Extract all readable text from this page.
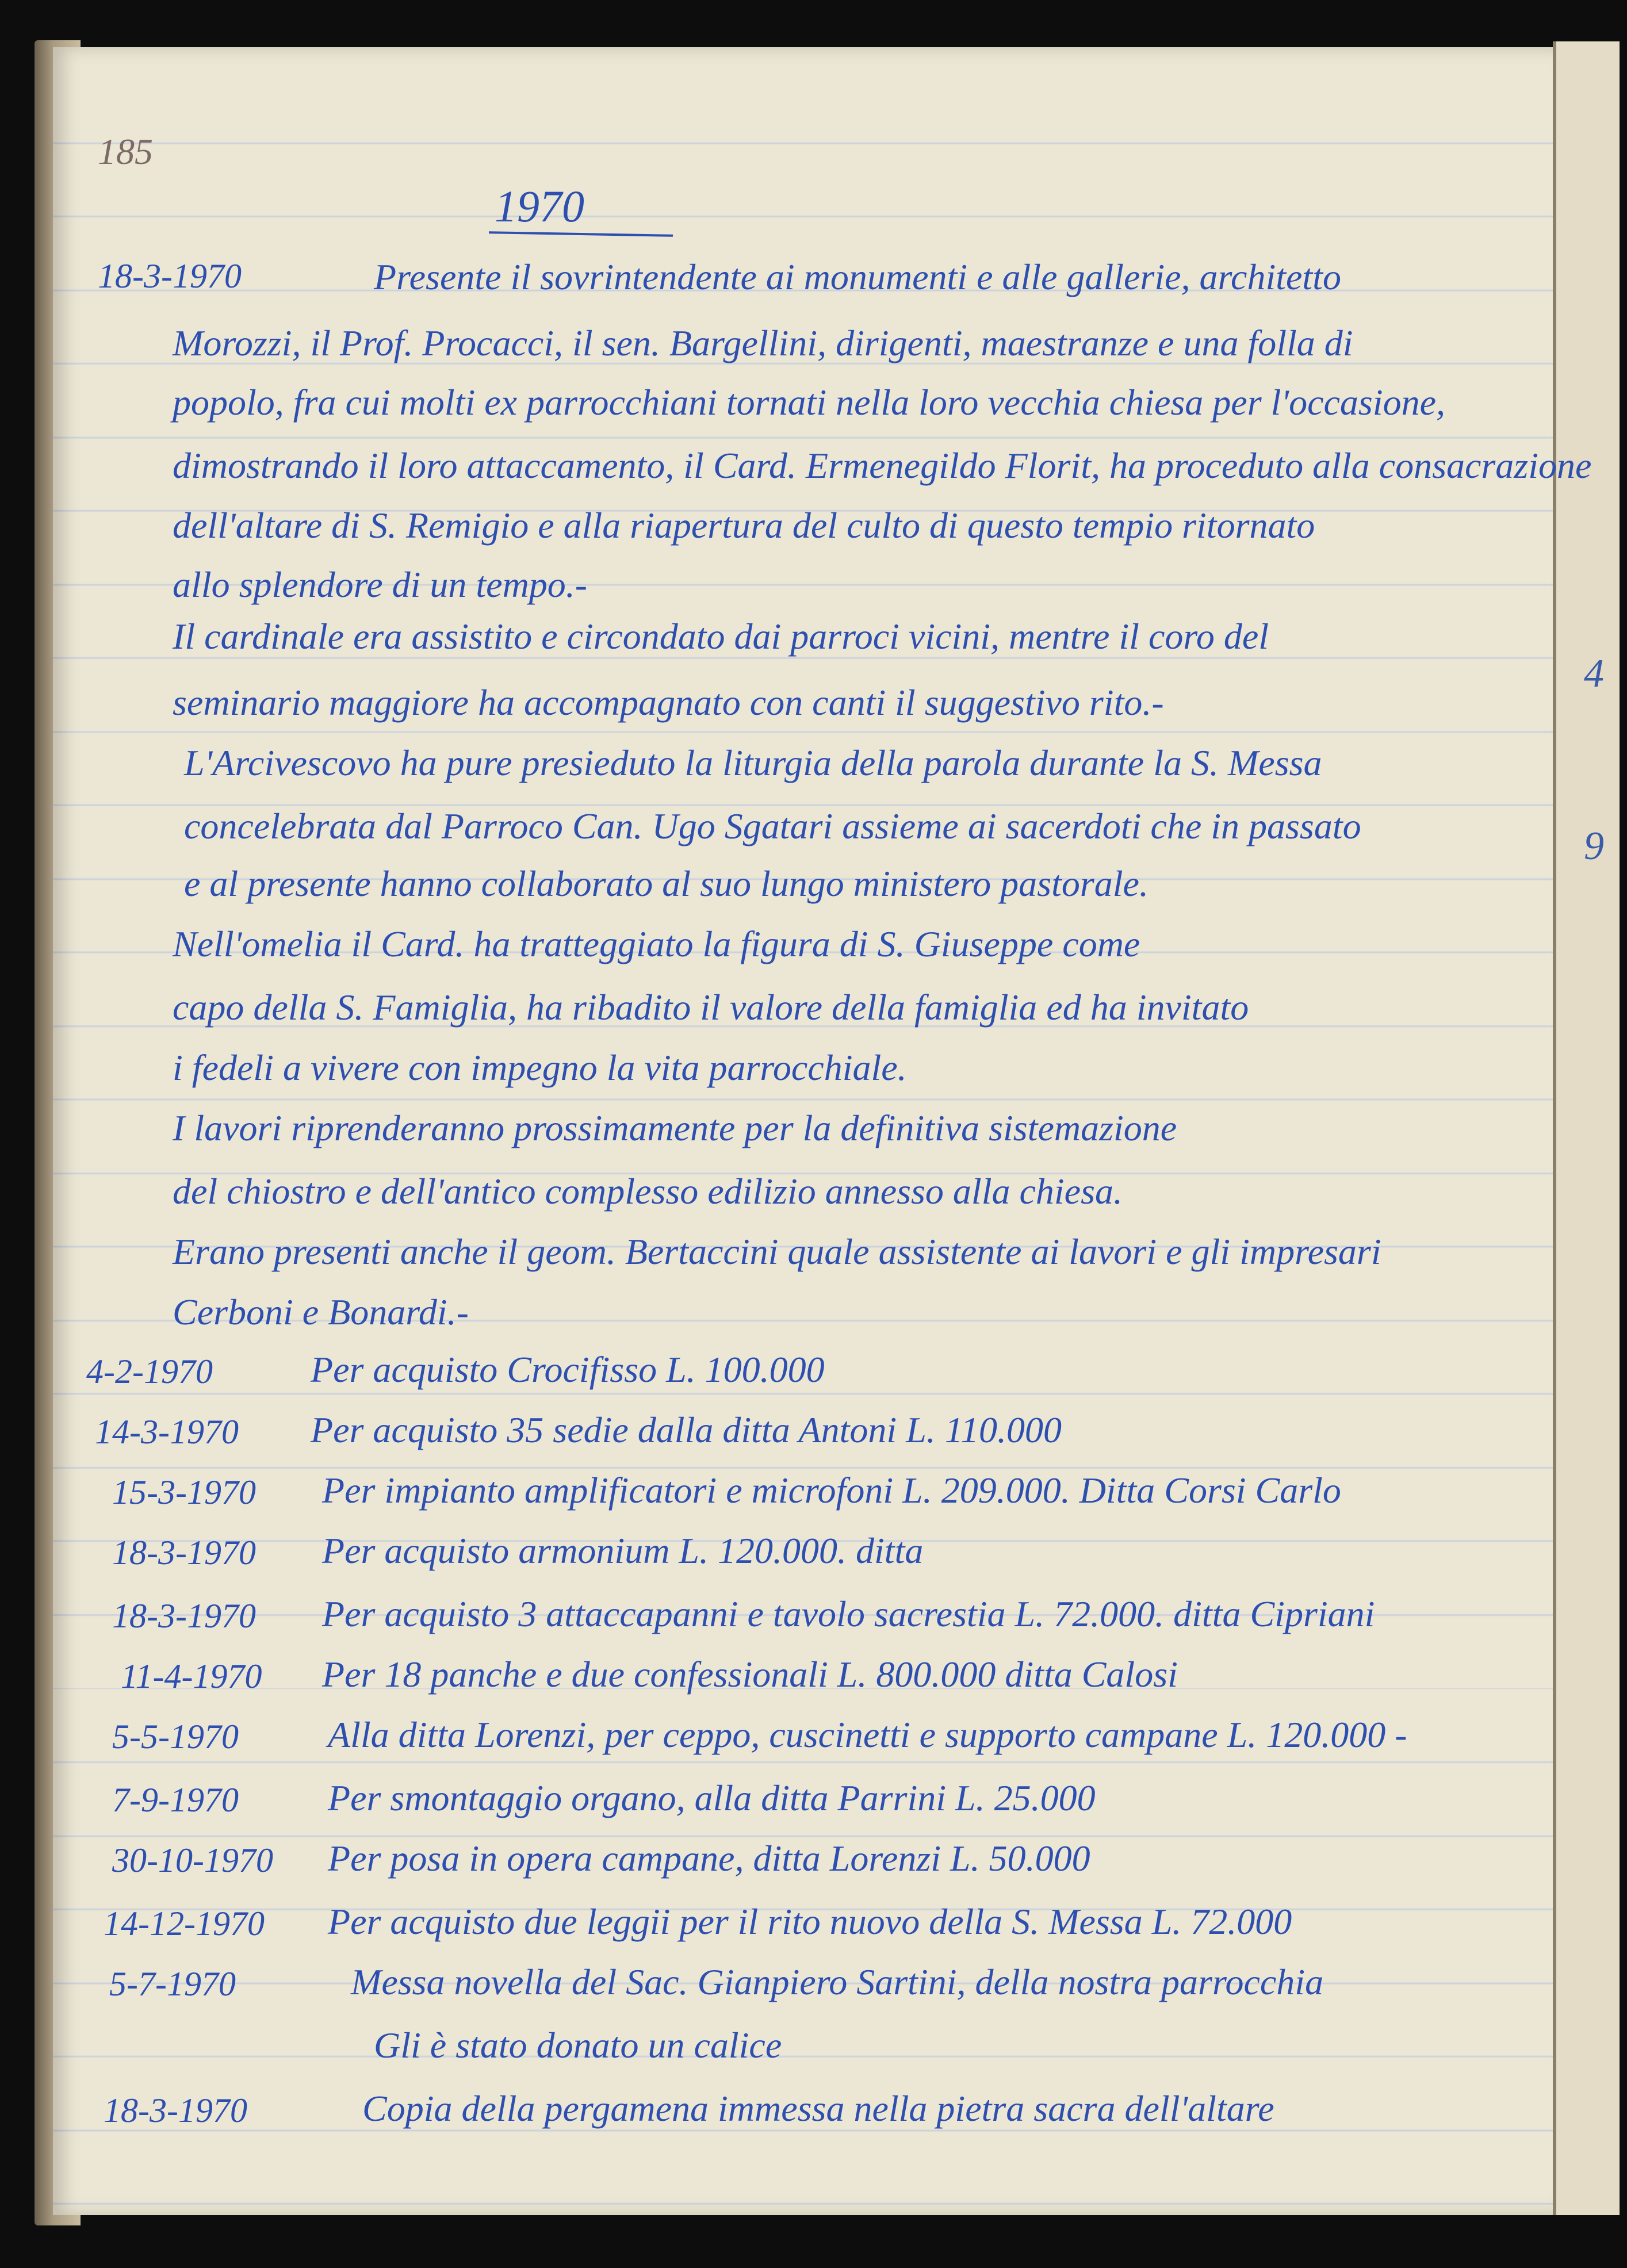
4
9
185
1970
18-3-1970	Presente il sovrintendente ai monumenti e alle gallerie, architetto
Morozzi, il Prof. Procacci, il sen. Bargellini, dirigenti, maestranze e una folla di
popolo, fra cui molti ex parrocchiani tornati nella loro vecchia chiesa per l'occasione,
dimostrando il loro attaccamento, il Card. Ermenegildo Florit, ha proceduto alla consacrazione
dell'altare di S. Remigio e alla riapertura del culto di questo tempio ritornato
allo splendore di un tempo.-
Il cardinale era assistito e circondato dai parroci vicini, mentre il coro del
seminario maggiore ha accompagnato con canti il suggestivo rito.-
L'Arcivescovo ha pure presieduto la liturgia della parola durante la S. Messa
concelebrata dal Parroco Can. Ugo Sgatari assieme ai sacerdoti che in passato
e al presente hanno collaborato al suo lungo ministero pastorale.
Nell'omelia il Card. ha tratteggiato la figura di S. Giuseppe come
capo della S. Famiglia, ha ribadito il valore della famiglia ed ha invitato
i fedeli a vivere con impegno la vita parrocchiale.
I lavori riprenderanno prossimamente per la definitiva sistemazione
del chiostro e dell'antico complesso edilizio annesso alla chiesa.
Erano presenti anche il geom. Bertaccini quale assistente ai lavori e gli impresari
Cerboni e Bonardi.-
4-2-1970	Per acquisto Crocifisso L. 100.000
14-3-1970 Per acquisto 35 sedie dalla ditta Antoni L. 110.000
15-3-1970 Per impianto amplificatori e microfoni L. 209.000. Ditta Corsi Carlo
18-3-1970 Per acquisto armonium L. 120.000. ditta
18-3-1970 Per acquisto 3 attaccapanni e tavolo sacrestia L. 72.000. ditta Cipriani
11-4-1970 Per 18 panche e due confessionali L. 800.000 ditta Calosi
5-5-1970 Alla ditta Lorenzi, per ceppo, cuscinetti e supporto campane L. 120.000 -
7-9-1970 Per smontaggio organo, alla ditta Parrini L. 25.000
30-10-1970 Per posa in opera campane, ditta Lorenzi L. 50.000
14-12-1970 Per acquisto due leggii per il rito nuovo della S. Messa L. 72.000
5-7-1970	Messa novella del Sac. Gianpiero Sartini, della nostra parrocchia
Gli è stato donato un calice
18-3-1970	Copia della pergamena immessa nella pietra sacra dell'altare
